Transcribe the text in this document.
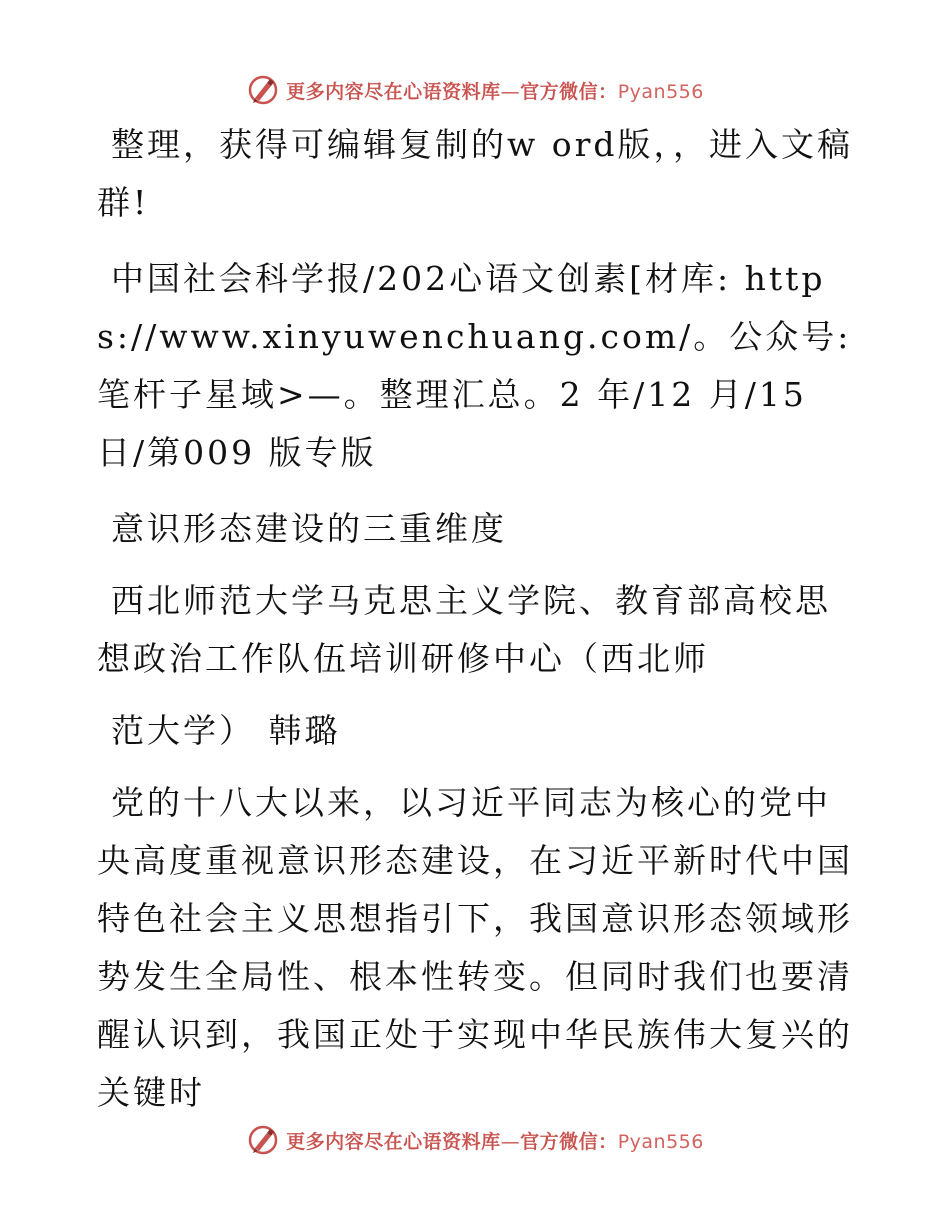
更多内容尽在心语资料库—官方微信：Pyan556

整理，获得可编辑复制的w ord版，，进入文稿群!

中国社会科学报/202心语文创素[材库: https://www.xinyuwenchuang.com/。公众号: 笔杆子星域>—。整理汇总。2 年/12 月/15 日/第009 版专版

意识形态建设的三重维度

西北师范大学马克思主义学院、教育部高校思想政治工作队伍培训研修中心（西北师

范大学） 韩璐

党的十八大以来，以习近平同志为核心的党中央高度重视意识形态建设，在习近平新时代中国特色社会主义思想指引下，我国意识形态领域形势发生全局性、根本性转变。但同时我们也要清醒认识到，我国正处于实现中华民族伟大复兴的关键时

更多内容尽在心语资料库—官方微信：Pyan556
